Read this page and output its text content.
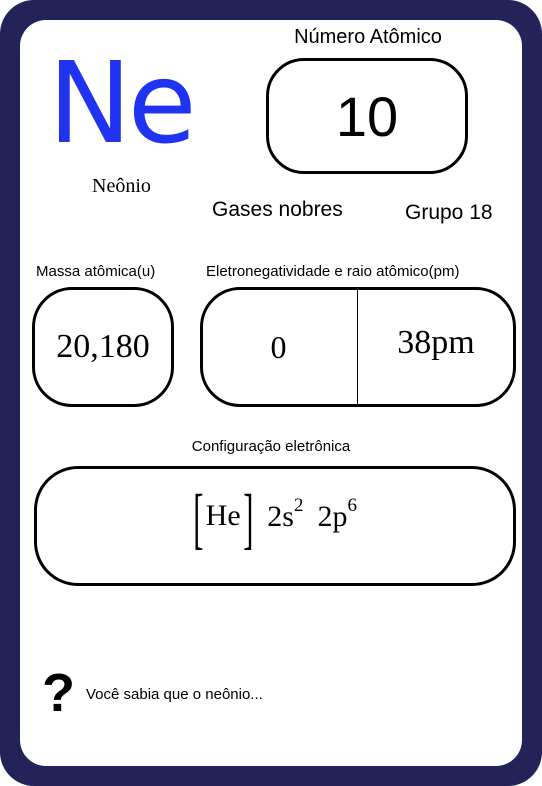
Ne
Neônio
Número Atômico
10
Gases nobres	Grupo 18
Massa atômica(u)	Eletronegatividade e raio atômico(pm)
20,180	0	38pm
Configuração eletrônica
[ He ] $2s^2$ $2p^6$
? Você sabia que o neônio...
